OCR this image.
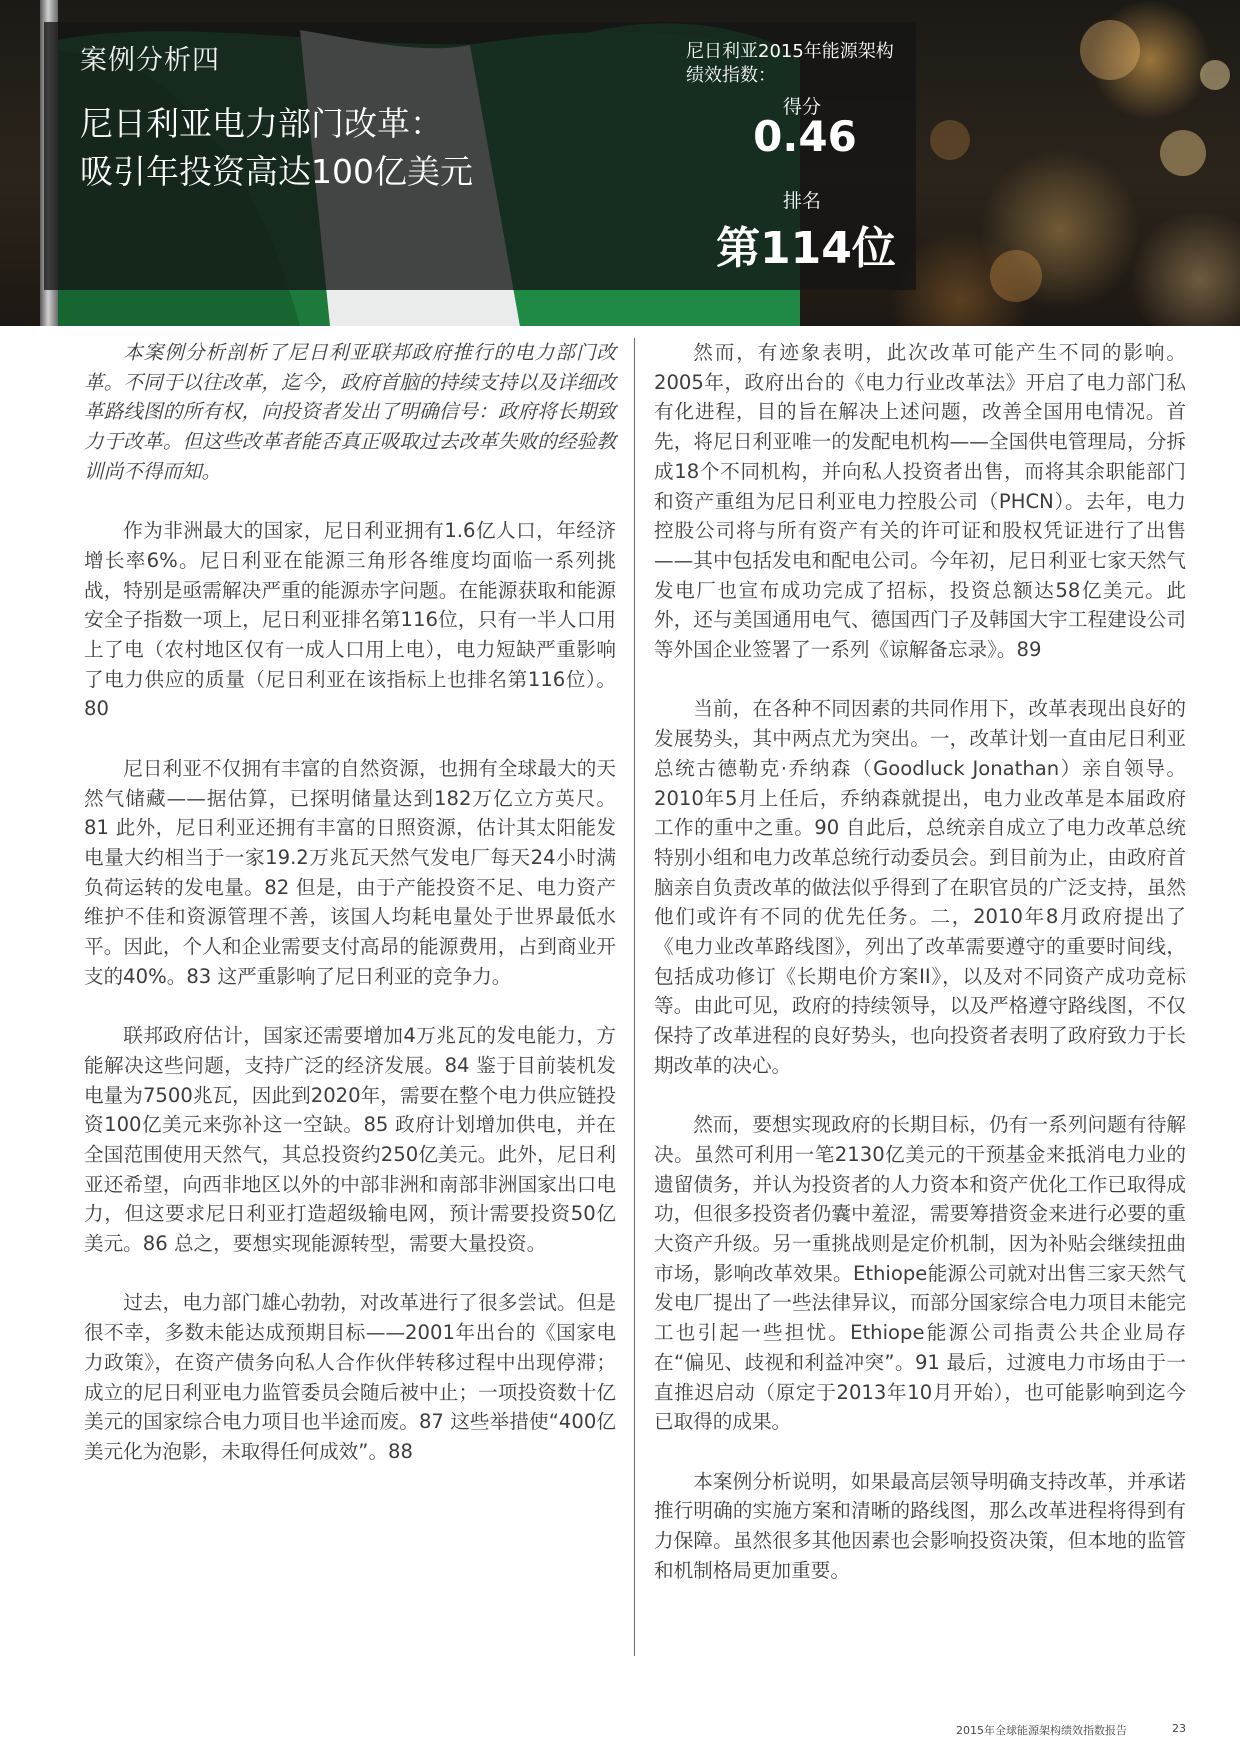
案例分析四
尼日利亚电力部门改革：
吸引年投资高达100亿美元
尼日利亚2015年能源架构
绩效指数：
得分
0.46
排名
第114位

本案例分析剖析了尼日利亚联邦政府推行的电力部门改革。不同于以往改革，迄今，政府首脑的持续支持以及详细改革路线图的所有权，向投资者发出了明确信号：政府将长期致力于改革。但这些改革者能否真正吸取过去改革失败的经验教训尚不得而知。

作为非洲最大的国家，尼日利亚拥有1.6亿人口，年经济增长率6%。尼日利亚在能源三角形各维度均面临一系列挑战，特别是亟需解决严重的能源赤字问题。在能源获取和能源安全子指数一项上，尼日利亚排名第116位，只有一半人口用上了电（农村地区仅有一成人口用上电），电力短缺严重影响了电力供应的质量（尼日利亚在该指标上也排名第116位）。80

尼日利亚不仅拥有丰富的自然资源，也拥有全球最大的天然气储藏——据估算，已探明储量达到182万亿立方英尺。81 此外，尼日利亚还拥有丰富的日照资源，估计其太阳能发电量大约相当于一家19.2万兆瓦天然气发电厂每天24小时满负荷运转的发电量。82 但是，由于产能投资不足、电力资产维护不佳和资源管理不善，该国人均耗电量处于世界最低水平。因此，个人和企业需要支付高昂的能源费用，占到商业开支的40%。83 这严重影响了尼日利亚的竞争力。

联邦政府估计，国家还需要增加4万兆瓦的发电能力，方能解决这些问题，支持广泛的经济发展。84 鉴于目前装机发电量为7500兆瓦，因此到2020年，需要在整个电力供应链投资100亿美元来弥补这一空缺。85 政府计划增加供电，并在全国范围使用天然气，其总投资约250亿美元。此外，尼日利亚还希望，向西非地区以外的中部非洲和南部非洲国家出口电力，但这要求尼日利亚打造超级输电网，预计需要投资50亿美元。86 总之，要想实现能源转型，需要大量投资。

过去，电力部门雄心勃勃，对改革进行了很多尝试。但是很不幸，多数未能达成预期目标——2001年出台的《国家电力政策》，在资产债务向私人合作伙伴转移过程中出现停滞；成立的尼日利亚电力监管委员会随后被中止；一项投资数十亿美元的国家综合电力项目也半途而废。87 这些举措使“400亿美元化为泡影，未取得任何成效”。88

然而，有迹象表明，此次改革可能产生不同的影响。2005年，政府出台的《电力行业改革法》开启了电力部门私有化进程，目的旨在解决上述问题，改善全国用电情况。首先，将尼日利亚唯一的发配电机构——全国供电管理局，分拆成18个不同机构，并向私人投资者出售，而将其余职能部门和资产重组为尼日利亚电力控股公司（PHCN）。去年，电力控股公司将与所有资产有关的许可证和股权凭证进行了出售——其中包括发电和配电公司。今年初，尼日利亚七家天然气发电厂也宣布成功完成了招标，投资总额达58亿美元。此外，还与美国通用电气、德国西门子及韩国大宇工程建设公司等外国企业签署了一系列《谅解备忘录》。89

当前，在各种不同因素的共同作用下，改革表现出良好的发展势头，其中两点尤为突出。一，改革计划一直由尼日利亚总统古德勒克·乔纳森（Goodluck Jonathan）亲自领导。2010年5月上任后，乔纳森就提出，电力业改革是本届政府工作的重中之重。90 自此后，总统亲自成立了电力改革总统特别小组和电力改革总统行动委员会。到目前为止，由政府首脑亲自负责改革的做法似乎得到了在职官员的广泛支持，虽然他们或许有不同的优先任务。二，2010年8月政府提出了《电力业改革路线图》，列出了改革需要遵守的重要时间线，包括成功修订《长期电价方案II》，以及对不同资产成功竞标等。由此可见，政府的持续领导，以及严格遵守路线图，不仅保持了改革进程的良好势头，也向投资者表明了政府致力于长期改革的决心。

然而，要想实现政府的长期目标，仍有一系列问题有待解决。虽然可利用一笔2130亿美元的干预基金来抵消电力业的遗留债务，并认为投资者的人力资本和资产优化工作已取得成功，但很多投资者仍囊中羞涩，需要筹措资金来进行必要的重大资产升级。另一重挑战则是定价机制，因为补贴会继续扭曲市场，影响改革效果。Ethiope能源公司就对出售三家天然气发电厂提出了一些法律异议，而部分国家综合电力项目未能完工也引起一些担忧。Ethiope能源公司指责公共企业局存在“偏见、歧视和利益冲突”。91 最后，过渡电力市场由于一直推迟启动（原定于2013年10月开始），也可能影响到迄今已取得的成果。

本案例分析说明，如果最高层领导明确支持改革，并承诺推行明确的实施方案和清晰的路线图，那么改革进程将得到有力保障。虽然很多其他因素也会影响投资决策，但本地的监管和机制格局更加重要。

2015年全球能源架构绩效指数报告	23
